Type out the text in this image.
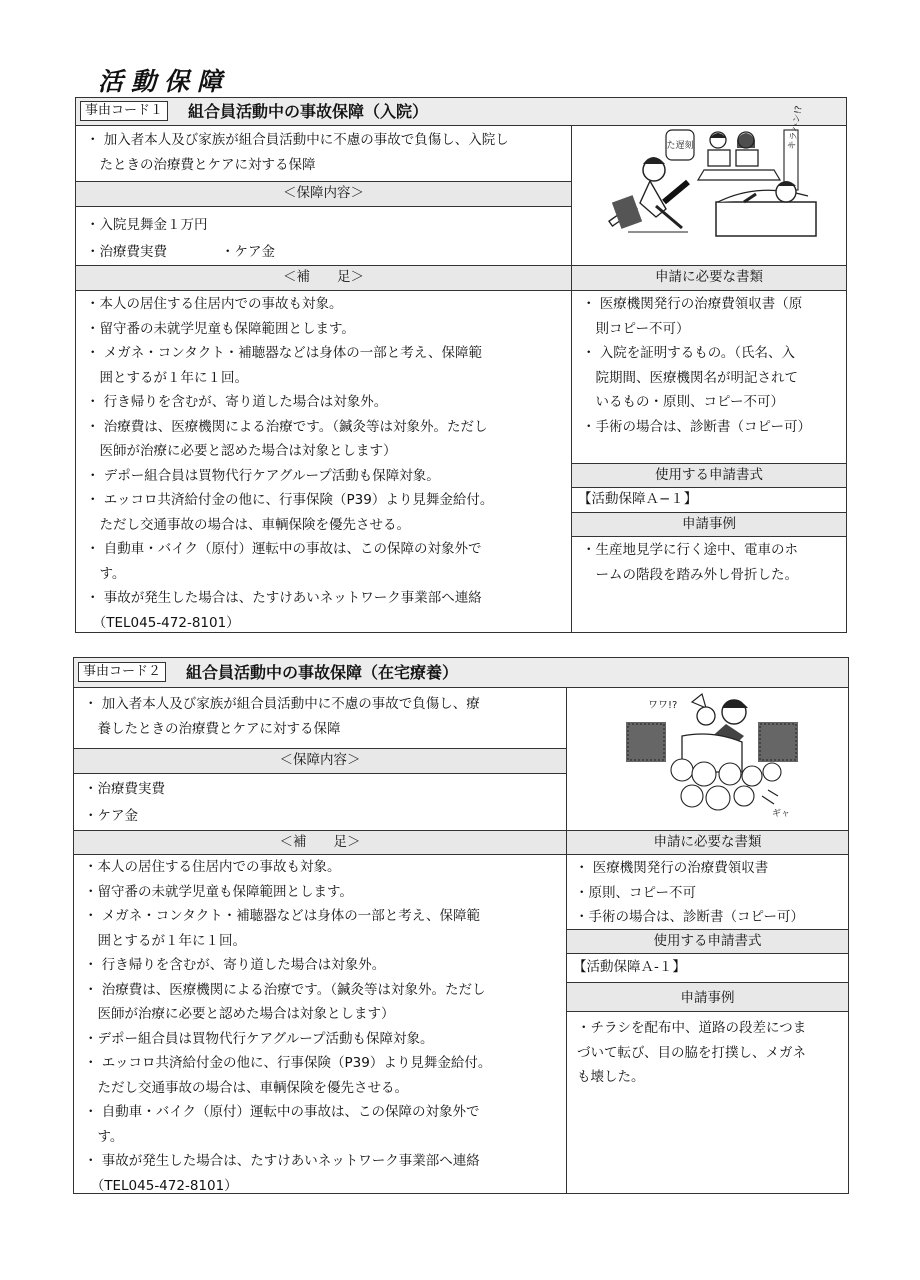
活動保障
事由コード１	組合員活動中の事故保障（入院）
・ 加入者本人及び家族が組合員活動中に不慮の事故で負傷し、入院し
　たときの治療費とケアに対する保障
＜保障内容＞
・入院見舞金１万円
・治療費実費　　　　・ケア金
＜補　　足＞
・本人の居住する住居内での事故も対象。
・留守番の未就学児童も保障範囲とします。
・ メガネ・コンタクト・補聴器などは身体の一部と考え、保障範
　囲とするが１年に１回。
・ 行き帰りを含むが、寄り道した場合は対象外。
・ 治療費は、医療機関による治療です。（鍼灸等は対象外。ただし
　医師が治療に必要と認めた場合は対象とします）
・ デポー組合員は買物代行ケアグループ活動も保障対象。
・ エッコロ共済給付金の他に、行事保険（P39）より見舞金給付。
　ただし交通事故の場合は、車輌保険を優先させる。
・ 自動車・バイク（原付）運転中の事故は、この保障の対象外で
　す。
・ 事故が発生した場合は、たすけあいネットワーク事業部へ連絡
　（TEL045-472-8101）
た遅刻	キラハン!?
申請に必要な書類
・ 医療機関発行の治療費領収書（原
　則コピー不可）
・ 入院を証明するもの。（氏名、入
　院期間、医療機関名が明記されて
　いるもの・原則、コピー不可）
・手術の場合は、診断書（コピー可）
使用する申請書式
【活動保障Ａ−１】
申請事例
・生産地見学に行く途中、電車のホ
　ームの階段を踏み外し骨折した。
事由コード２	組合員活動中の事故保障（在宅療養）
・ 加入者本人及び家族が組合員活動中に不慮の事故で負傷し、療
　養したときの治療費とケアに対する保障
＜保障内容＞
・治療費実費
・ケア金
＜補　　足＞
・本人の居住する住居内での事故も対象。
・留守番の未就学児童も保障範囲とします。
・ メガネ・コンタクト・補聴器などは身体の一部と考え、保障範
　囲とするが１年に１回。
・ 行き帰りを含むが、寄り道した場合は対象外。
・ 治療費は、医療機関による治療です。（鍼灸等は対象外。ただし
　医師が治療に必要と認めた場合は対象とします）
・デポー組合員は買物代行ケアグループ活動も保障対象。
・ エッコロ共済給付金の他に、行事保険（P39）より見舞金給付。
　ただし交通事故の場合は、車輌保険を優先させる。
・ 自動車・バイク（原付）運転中の事故は、この保障の対象外で
　す。
・ 事故が発生した場合は、たすけあいネットワーク事業部へ連絡
　（TEL045-472-8101）
ワワ!?
ギャ
申請に必要な書類
・ 医療機関発行の治療費領収書
・原則、コピー不可
・手術の場合は、診断書（コピー可）
使用する申請書式
【活動保障Ａ-１】
申請事例
・チラシを配布中、道路の段差につま
づいて転び、目の脇を打撲し、メガネ
も壊した。
